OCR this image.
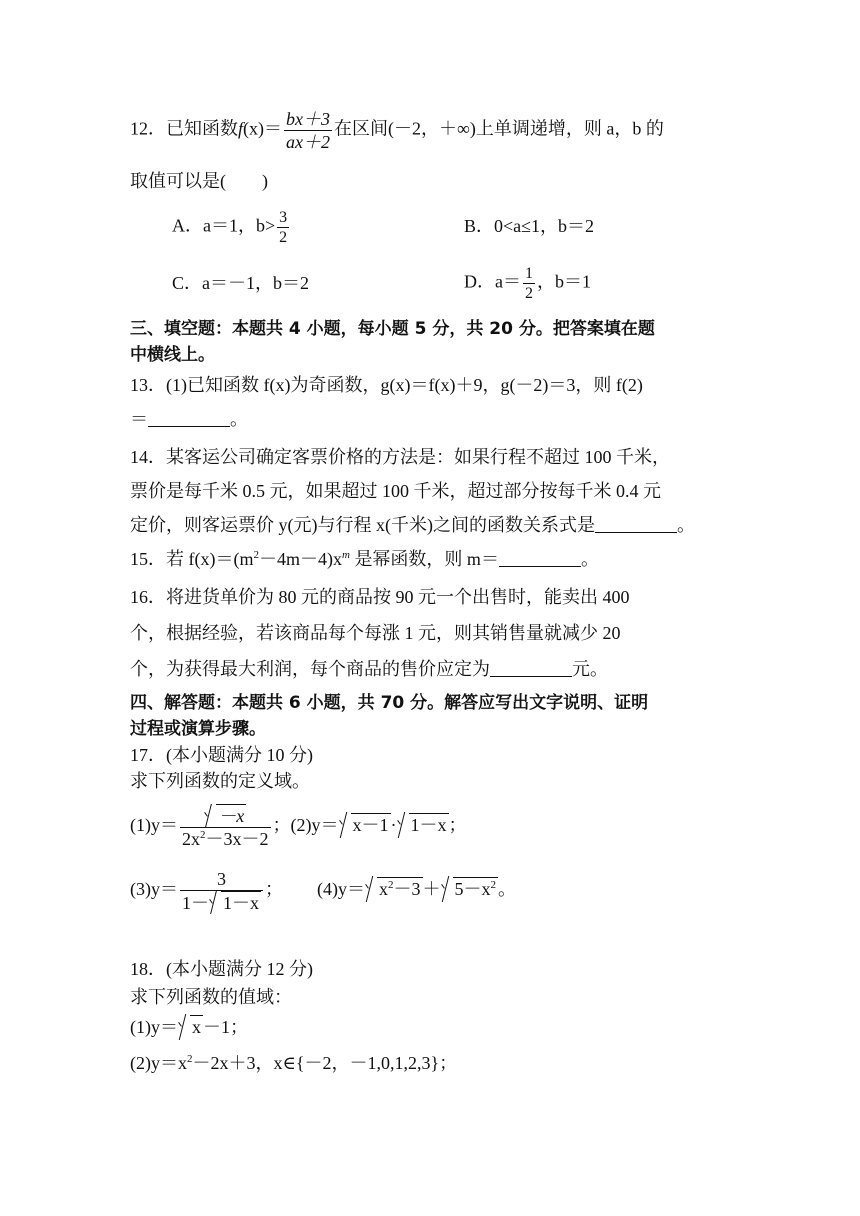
12．已知函数$f(x)= \frac{bx+3}{ax+2}$ 在区间(－2，＋∞)上单调递增，则 a，b 的
取值可以是(　　)
A．a＝1，$b> \frac{3}{2}$	B．0<a≤1，b＝2
C．a＝－1，b＝2	D．$a= \frac{1}{2}$ ，b＝1
三、填空题：本题共 4 小题，每小题 5 分，共 20 分。把答案填在题
中横线上。
13．(1)已知函数 f(x)为奇函数，g(x)＝f(x)＋9，g(－2)＝3，则 f(2)
＝	。
14．某客运公司确定客票价格的方法是：如果行程不超过 100 千米，
票价是每千米 0.5 元，如果超过 100 千米，超过部分按每千米 0.4 元
定价，则客运票价 y(元)与行程 x(千米)之间的函数关系式是	。
15．若 $f(x)=(m^2-4m-4)x^m$ 是幂函数，则 m＝	。
16．将进货单价为 80 元的商品按 90 元一个出售时，能卖出 400
个，根据经验，若该商品每个每涨 1 元，则其销售量就减少 20
个，为获得最大利润，每个商品的售价应定为	元。
四、解答题：本题共 6 小题，共 70 分。解答应写出文字说明、证明
过程或演算步骤。
17．(本小题满分 10 分)
求下列函数的定义域。
$(1)y= \frac{-x}{2x^2-3x-2}$ ；(2)y＝ x－1 · 1－x ；
$(3)y= \frac{3}{1- 1-x}$ ； $(4)y= x^2-3 + 5-x^2$ 。
18．(本小题满分 12 分)
求下列函数的值域：
(1)y＝ x －1；
$(2)y=x^2-2x+3$，x∈{－2，－1,0,1,2,3}；
